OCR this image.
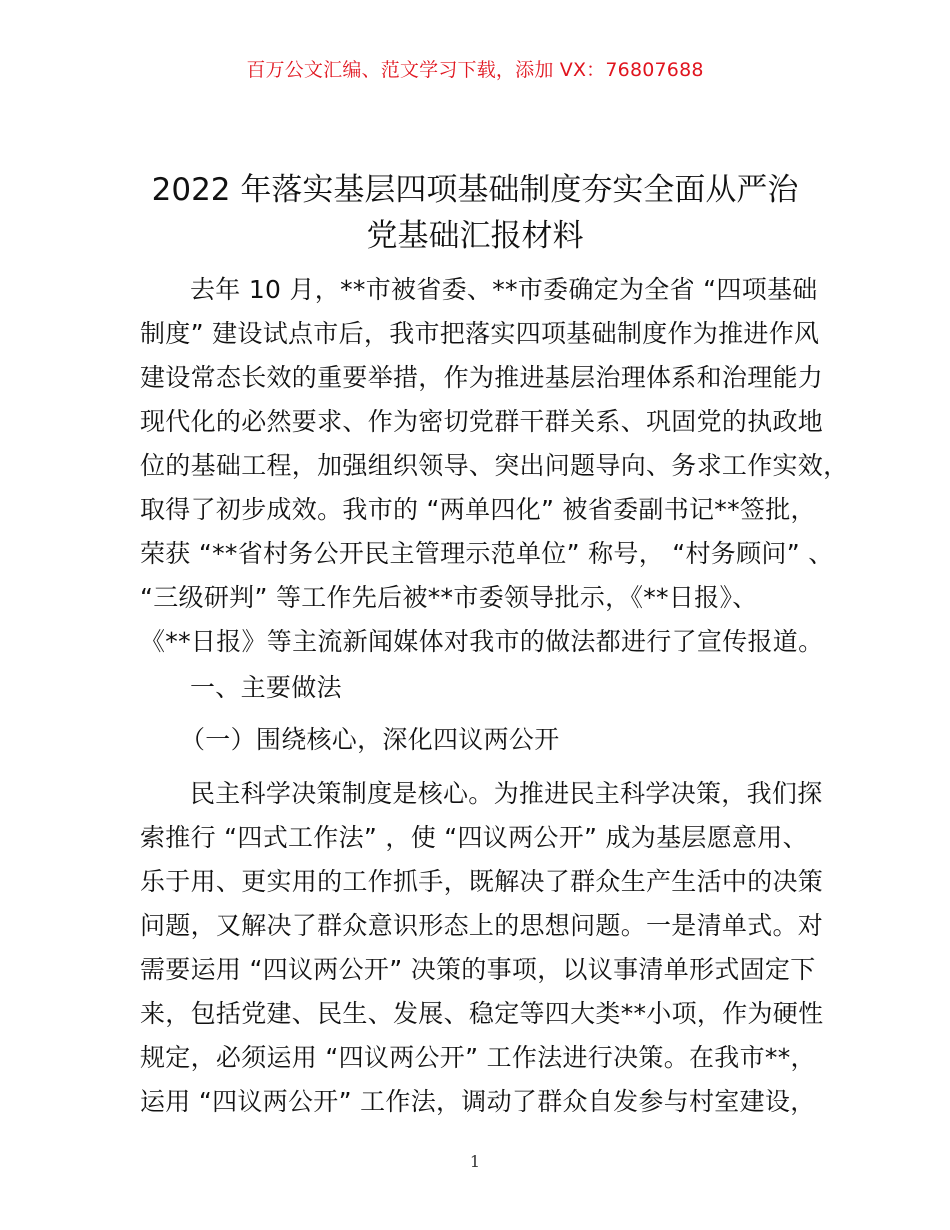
百万公文汇编、范文学习下载，添加 VX：76807688
2022 年落实基层四项基础制度夯实全面从严治
党基础汇报材料
去年 10 月，**市被省委、**市委确定为全省 “四项基础
制度” 建设试点市后，我市把落实四项基础制度作为推进作风
建设常态长效的重要举措，作为推进基层治理体系和治理能力
现代化的必然要求、作为密切党群干群关系、巩固党的执政地
位的基础工程，加强组织领导、突出问题导向、务求工作实效，
取得了初步成效。我市的 “两单四化” 被省委副书记**签批，
荣获 “**省村务公开民主管理示范单位” 称号， “村务顾问” 、
“三级研判” 等工作先后被**市委领导批示，《**日报》、
《**日报》等主流新闻媒体对我市的做法都进行了宣传报道。
一、主要做法
（一）围绕核心，深化四议两公开
民主科学决策制度是核心。为推进民主科学决策，我们探
索推行 “四式工作法” ，使 “四议两公开” 成为基层愿意用、
乐于用、更实用的工作抓手，既解决了群众生产生活中的决策
问题，又解决了群众意识形态上的思想问题。一是清单式。对
需要运用 “四议两公开” 决策的事项，以议事清单形式固定下
来，包括党建、民生、发展、稳定等四大类**小项，作为硬性
规定，必须运用 “四议两公开” 工作法进行决策。在我市**，
运用 “四议两公开” 工作法，调动了群众自发参与村室建设，
1
